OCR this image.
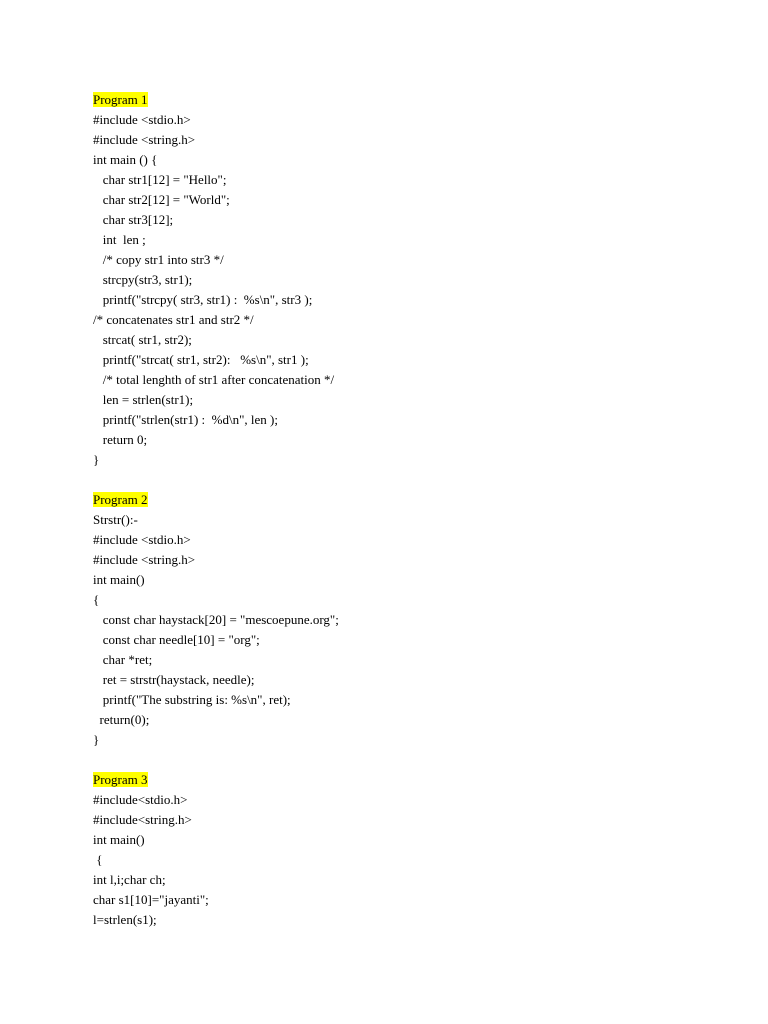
Program 1
#include <stdio.h>
#include <string.h>
int main () {
char str1[12] = "Hello";
char str2[12] = "World";
char str3[12];
int  len ;
/* copy str1 into str3 */
strcpy(str3, str1);
printf("strcpy( str3, str1) :  %s\n", str3 );
/* concatenates str1 and str2 */
strcat( str1, str2);
printf("strcat( str1, str2):   %s\n", str1 );
/* total lenghth of str1 after concatenation */
len = strlen(str1);
printf("strlen(str1) :  %d\n", len );
return 0;
}
Program 2
Strstr():-
#include <stdio.h>
#include <string.h>
int main()
{
const char haystack[20] = "mescoepune.org";
const char needle[10] = "org";
char *ret;
ret = strstr(haystack, needle);
printf("The substring is: %s\n", ret);
return(0);
}
Program 3
#include<stdio.h>
#include<string.h>
int main()
{
int l,i;char ch;
char s1[10]="jayanti";
l=strlen(s1);
